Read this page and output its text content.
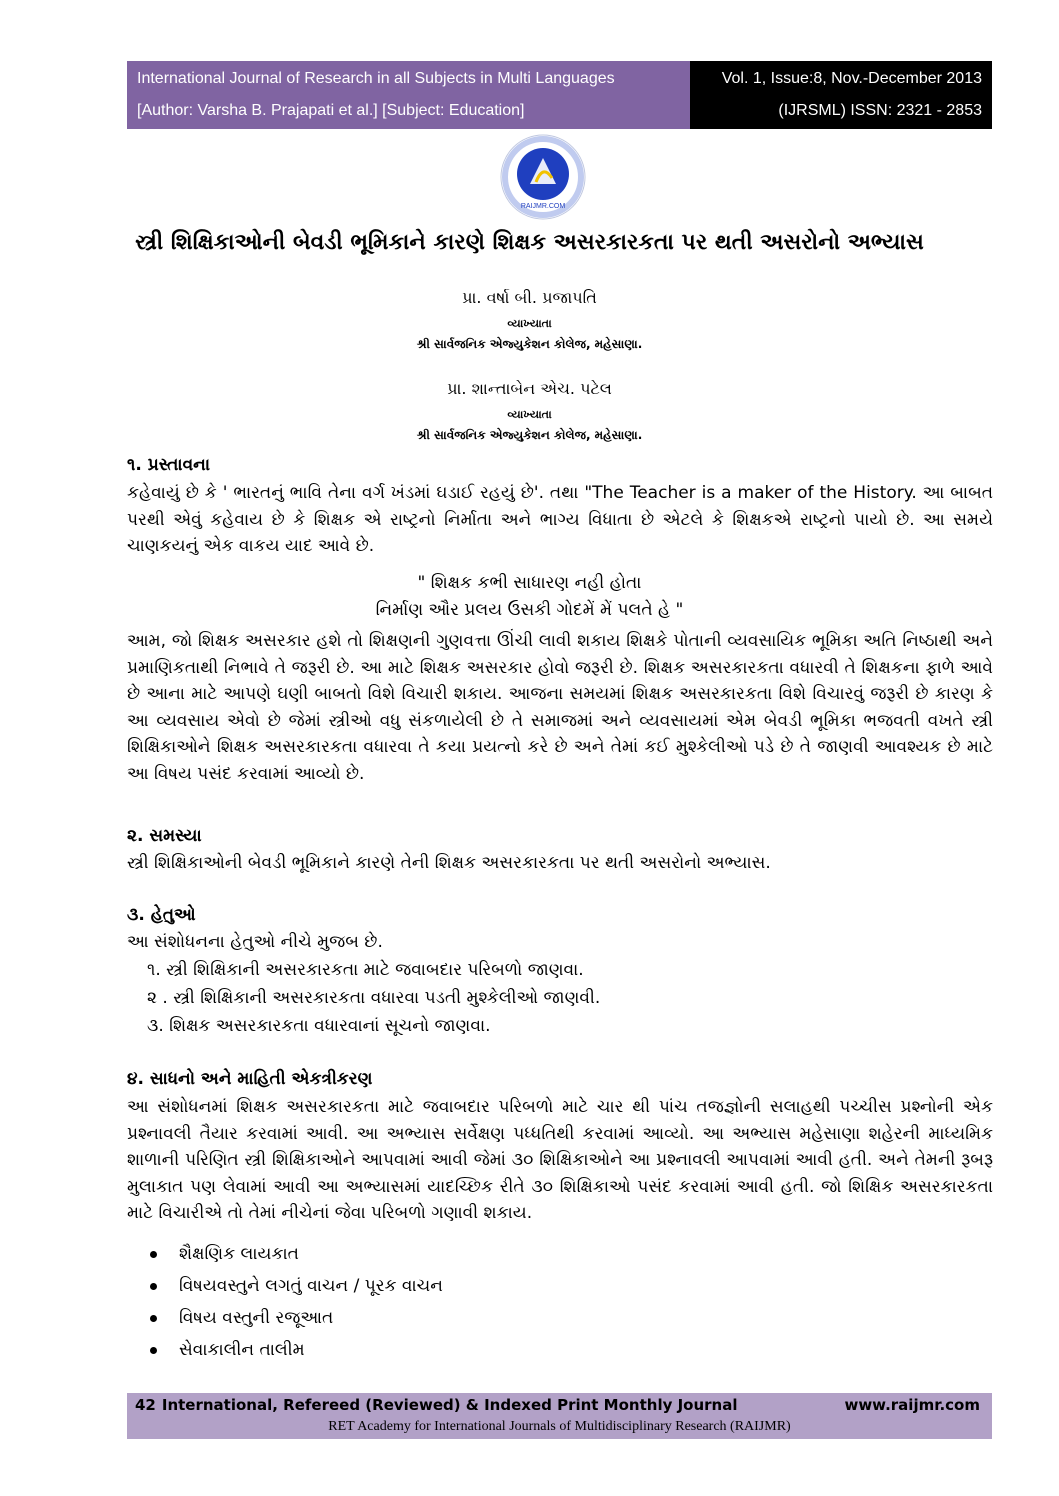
International Journal of Research in all Subjects in Multi Languages
[Author: Varsha B. Prajapati et al.] [Subject: Education]
Vol. 1, Issue:8, Nov.-December 2013
(IJRSML) ISSN: 2321 - 2853
RAIJMR.COM
સ્ત્રી શિક્ષિકાઓની બેવડી ભૂમિકાને કારણે શિક્ષક અસરકારકતા પર થતી અસરોનો અભ્યાસ
પ્રા. વર્ષા બી. પ્રજાપતિ
વ્યાખ્યાતા
શ્રી સાર્વજનિક એજ્યુકેશન કોલેજ, મહેસાણા.
પ્રા. શાન્તાબેન એચ. પટેલ
વ્યાખ્યાતા
શ્રી સાર્વજનિક એજ્યુકેશન કોલેજ, મહેસાણા.
૧. પ્રસ્તાવના
કહેવાયું છે કે ' ભારતનું ભાવિ તેના વર્ગ ખંડમાં ઘડાઈ રહયું છે'. તથા "The Teacher is a maker of the History. આ બાબત પરથી એવું કહેવાય છે કે શિક્ષક એ રાષ્ટ્રનો નિર્માતા અને ભાગ્ય વિધાતા છે એટલે કે શિક્ષકએ રાષ્ટ્રનો પાયો છે. આ સમયે ચાણકયનું એક વાકય યાદ આવે છે.
" શિક્ષક કભી સાધારણ નહી હોતા
નિર્માણ ઔર પ્રલય ઉસકી ગોદમેં મેં પલતે હે "
આમ, જો શિક્ષક અસરકાર હશે તો શિક્ષણની ગુણવત્તા ઊંચી લાવી શકાય શિક્ષકે પોતાની વ્યવસાયિક ભૂમિકા અતિ નિષ્ઠાથી અને પ્રમાણિકતાથી નિભાવે તે જરૂરી છે. આ માટે શિક્ષક અસરકાર હોવો જરૂરી છે. શિક્ષક અસરકારકતા વધારવી તે શિક્ષકના ફાળે આવે છે આના માટે આપણે ઘણી બાબતો વિશે વિચારી શકાય. આજના સમયમાં શિક્ષક અસરકારકતા વિશે વિચારવું જરૂરી છે કારણ કે આ વ્યવસાય એવો છે જેમાં સ્ત્રીઓ વધુ સંકળાયેલી છે તે સમાજમાં અને વ્યવસાયમાં એમ બેવડી ભૂમિકા ભજવતી વખતે સ્ત્રી શિક્ષિકાઓને શિક્ષક અસરકારકતા વધારવા તે કયા પ્રયત્નો કરે છે અને તેમાં કઈ મુશ્કેલીઓ પડે છે તે જાણવી આવશ્યક છે માટે આ વિષય પસંદ કરવામાં આવ્યો છે.
૨. સમસ્યા
સ્ત્રી શિક્ષિકાઓની બેવડી ભૂમિકાને કારણે તેની શિક્ષક અસરકારકતા પર થતી અસરોનો અભ્યાસ.
૩. હેતુઓ
આ સંશોધનના હેતુઓ નીચે મુજબ છે.
૧. સ્ત્રી શિક્ષિકાની અસરકારકતા માટે જવાબદાર પરિબળો જાણવા.
૨ . સ્ત્રી શિક્ષિકાની અસરકારકતા વધારવા પડતી મુશ્કેલીઓ જાણવી.
૩. શિક્ષક અસરકારકતા વધારવાનાં સૂચનો જાણવા.
૪. સાધનો અને માહિતી એકત્રીકરણ
આ સંશોધનમાં શિક્ષક અસરકારકતા માટે જવાબદાર પરિબળો માટે ચાર થી પાંચ તજજ્ઞોની સલાહથી પચ્ચીસ પ્રશ્નોની એક પ્રશ્નાવલી તૈયાર કરવામાં આવી. આ અભ્યાસ સર્વેક્ષણ પધ્ધતિથી કરવામાં આવ્યો. આ અભ્યાસ મહેસાણા શહેરની માધ્યમિક શાળાની પરિણિત સ્ત્રી શિક્ષિકાઓને આપવામાં આવી જેમાં ૩૦ શિક્ષિકાઓને આ પ્રશ્નાવલી આપવામાં આવી હતી. અને તેમની રૂબરૂ મુલાકાત પણ લેવામાં આવી આ અભ્યાસમાં યાદચ્છિક રીતે ૩૦ શિક્ષિકાઓ પસંદ કરવામાં આવી હતી. જો શિક્ષિક અસરકારકતા માટે વિચારીએ તો તેમાં નીચેનાં જેવા પરિબળો ગણાવી શકાય.
શૈક્ષણિક લાયકાત
વિષયવસ્તુને લગતું વાચન / પૂરક વાચન
વિષય વસ્તુની રજૂઆત
સેવાકાલીન તાલીમ
42 International, Refereed (Reviewed) & Indexed Print Monthly Journal	www.raijmr.com
RET Academy for International Journals of Multidisciplinary Research (RAIJMR)
